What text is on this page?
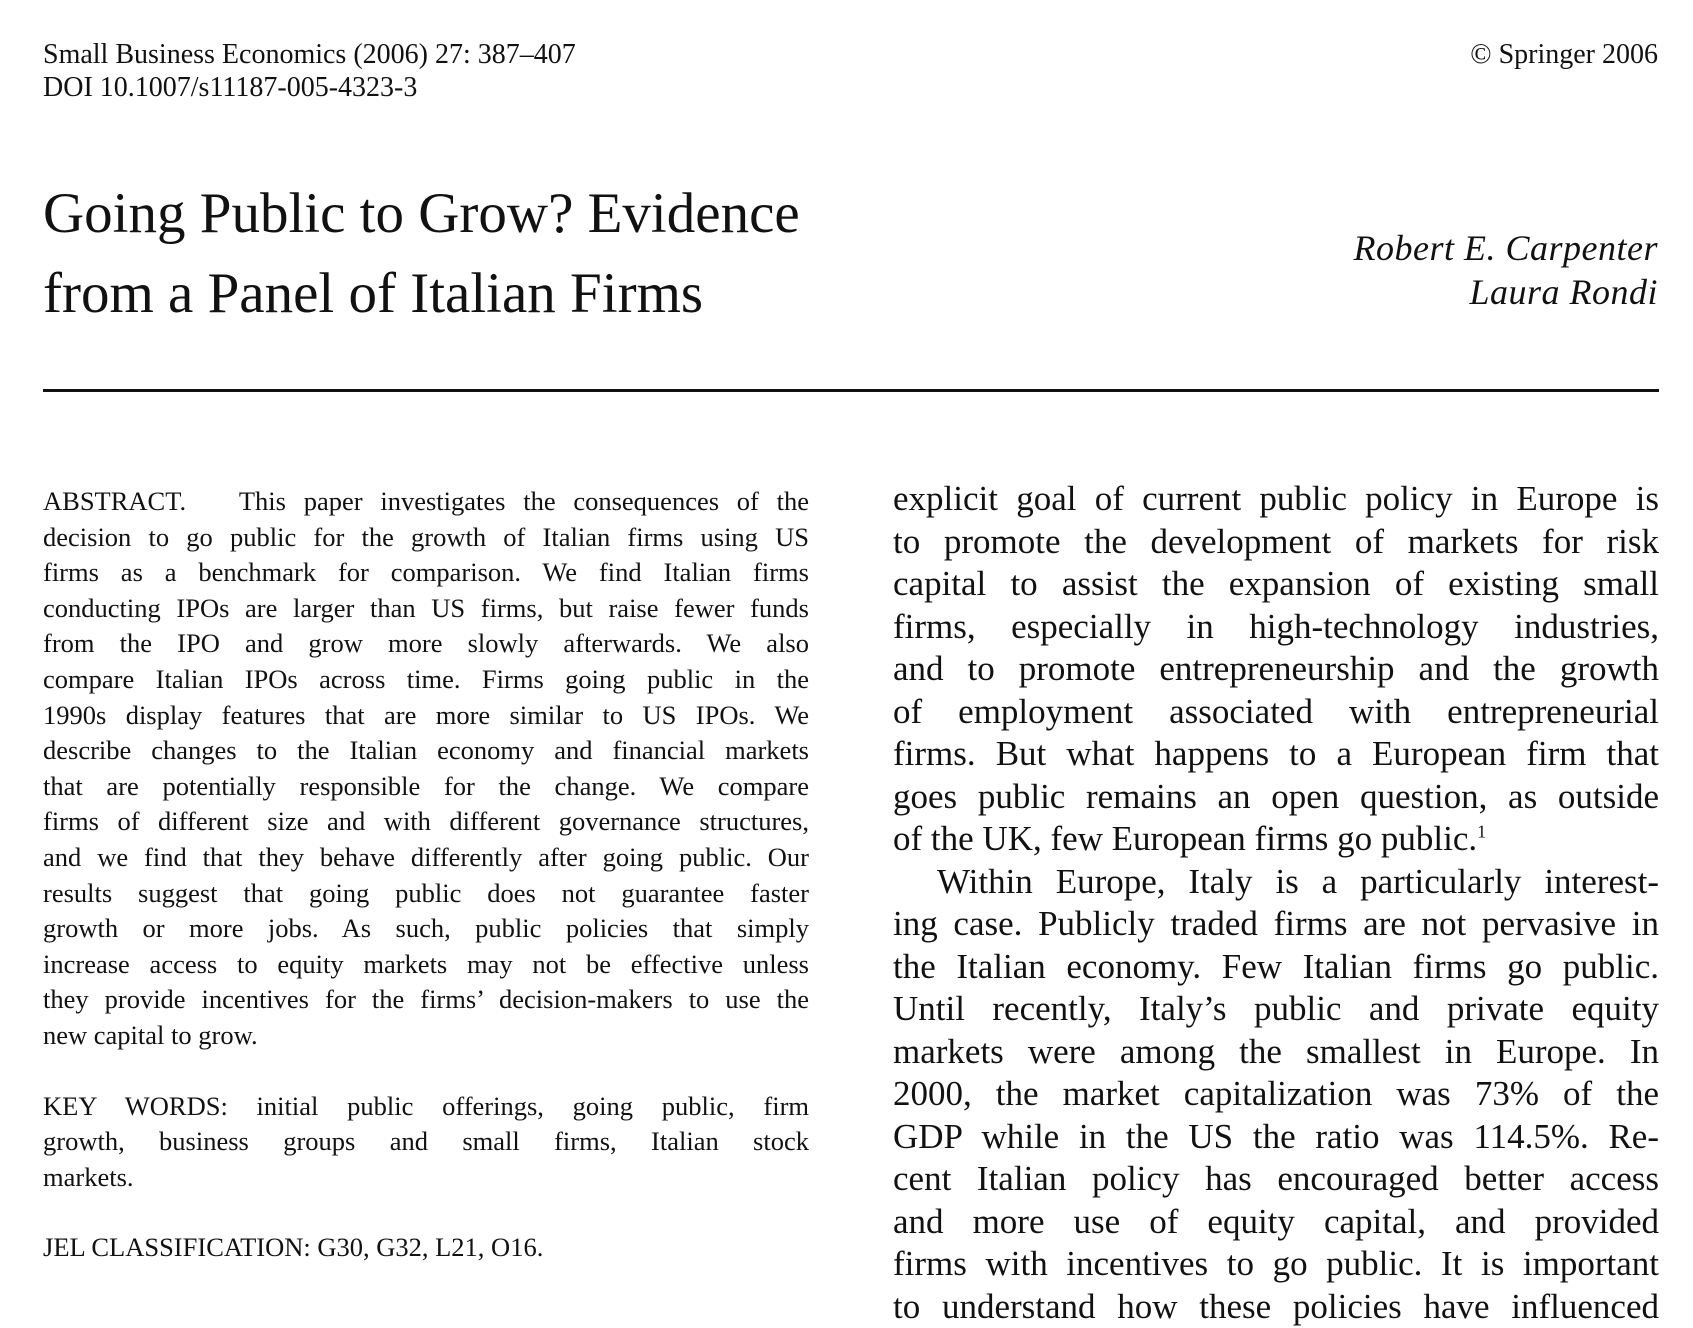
Small Business Economics (2006) 27: 387–407
DOI 10.1007/s11187-005-4323-3
© Springer 2006
Going Public to Grow? Evidence
from a Panel of Italian Firms
Robert E. Carpenter
Laura Rondi
ABSTRACT. This paper investigates the consequences of the
decision to go public for the growth of Italian firms using US
firms as a benchmark for comparison. We find Italian firms
conducting IPOs are larger than US firms, but raise fewer funds
from the IPO and grow more slowly afterwards. We also
compare Italian IPOs across time. Firms going public in the
1990s display features that are more similar to US IPOs. We
describe changes to the Italian economy and financial markets
that are potentially responsible for the change. We compare
firms of different size and with different governance structures,
and we find that they behave differently after going public. Our
results suggest that going public does not guarantee faster
growth or more jobs. As such, public policies that simply
increase access to equity markets may not be effective unless
they provide incentives for the firms’ decision-makers to use the
new capital to grow.
KEY WORDS: initial public offerings, going public, firm
growth, business groups and small firms, Italian stock
markets.
JEL CLASSIFICATION: G30, G32, L21, O16.
explicit goal of current public policy in Europe is
to promote the development of markets for risk
capital to assist the expansion of existing small
firms, especially in high-technology industries,
and to promote entrepreneurship and the growth
of employment associated with entrepreneurial
firms. But what happens to a European firm that
goes public remains an open question, as outside
of the UK, few European firms go public.$^1$
Within Europe, Italy is a particularly interest-
ing case. Publicly traded firms are not pervasive in
the Italian economy. Few Italian firms go public.
Until recently, Italy’s public and private equity
markets were among the smallest in Europe. In
2000, the market capitalization was 73% of the
GDP while in the US the ratio was 114.5%. Re-
cent Italian policy has encouraged better access
and more use of equity capital, and provided
firms with incentives to go public. It is important
to understand how these policies have influenced
